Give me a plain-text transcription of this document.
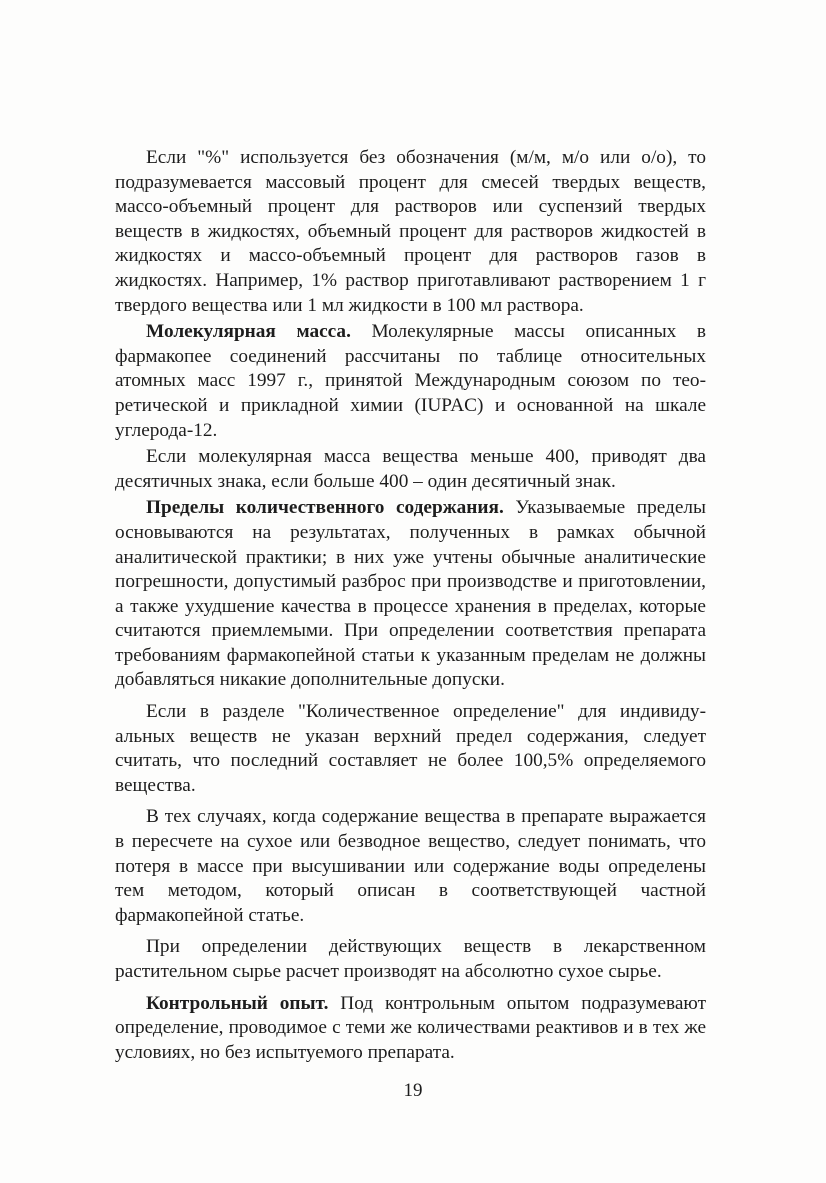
Если "%" используется без обозначения (м/м, м/о или о/о), то подразумевается массовый процент для смесей твердых веществ, массо-объемный процент для растворов или суспензий твердых веществ в жидкостях, объемный процент для растворов жидкостей в жидкостях и массо-объемный процент для растворов газов в жидкостях. Например, 1% раствор приготавливают растворением 1 г твердого вещества или 1 мл жидкости в 100 мл раствора.

Молекулярная масса. Молекулярные массы описанных в фармакопее соединений рассчитаны по таблице относительных атомных масс 1997 г., принятой Международным союзом по теоретической и прикладной химии (IUPAC) и основанной на шкале углерода-12.

Если молекулярная масса вещества меньше 400, приводят два десятичных знака, если больше 400 – один десятичный знак.

Пределы количественного содержания. Указываемые пределы основываются на результатах, полученных в рамках обычной аналитической практики; в них уже учтены обычные аналитические погрешности, допустимый разброс при производстве и приготовлении, а также ухудшение качества в процессе хранения в пределах, которые считаются приемлемыми. При определении соответствия препарата требованиям фармакопейной статьи к указанным пределам не должны добавляться никакие дополнительные допуски.

Если в разделе "Количественное определение" для индивидуальных веществ не указан верхний предел содержания, следует считать, что последний составляет не более 100,5% определяемого вещества.

В тех случаях, когда содержание вещества в препарате выражается в пересчете на сухое или безводное вещество, следует понимать, что потеря в массе при высушивании или содержание воды определены тем методом, который описан в соответствующей частной фармакопейной статье.

При определении действующих веществ в лекарственном растительном сырье расчет производят на абсолютно сухое сырье.

Контрольный опыт. Под контрольным опытом подразумевают определение, проводимое с теми же количествами реактивов и в тех же условиях, но без испытуемого препарата.

19
